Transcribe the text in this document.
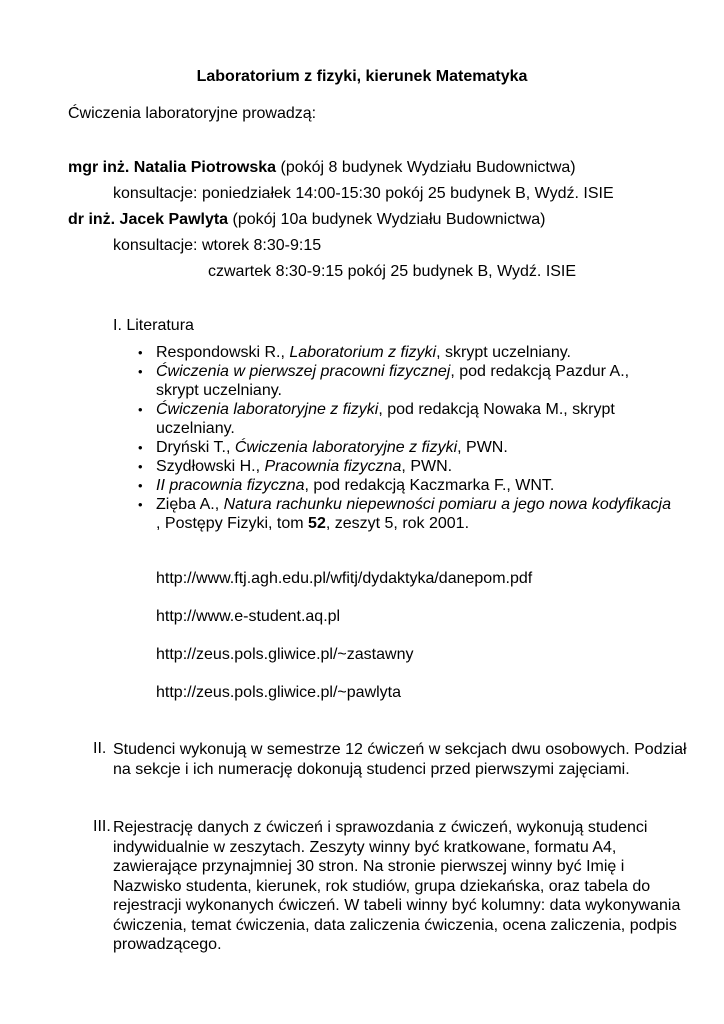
Laboratorium z fizyki, kierunek Matematyka
Ćwiczenia laboratoryjne prowadzą:
mgr inż. Natalia Piotrowska (pokój 8 budynek Wydziału Budownictwa)
konsultacje: poniedziałek 14:00-15:30 pokój 25 budynek B, Wydź. ISIE
dr inż. Jacek Pawlyta (pokój 10a budynek Wydziału Budownictwa)
konsultacje: wtorek 8:30-9:15
czwartek 8:30-9:15 pokój 25 budynek B, Wydź. ISIE
I. Literatura
• Respondowski R., Laboratorium z fizyki, skrypt uczelniany.
• Ćwiczenia w pierwszej pracowni fizycznej, pod redakcją Pazdur A., skrypt uczelniany.
• Ćwiczenia laboratoryjne z fizyki, pod redakcją Nowaka M., skrypt uczelniany.
• Dryński T., Ćwiczenia laboratoryjne z fizyki, PWN.
• Szydłowski H., Pracownia fizyczna, PWN.
• II pracownia fizyczna, pod redakcją Kaczmarka F., WNT.
• Zięba A., Natura rachunku niepewności pomiaru a jego nowa kodyfikacja , Postępy Fizyki, tom 52, zeszyt 5, rok 2001.
http://www.ftj.agh.edu.pl/wfitj/dydaktyka/danepom.pdf
http://www.e-student.aq.pl
http://zeus.pols.gliwice.pl/~zastawny
http://zeus.pols.gliwice.pl/~pawlyta
II. Studenci wykonują w semestrze 12 ćwiczeń w sekcjach dwu osobowych. Podział na sekcje i ich numerację dokonują studenci przed pierwszymi zajęciami.
III. Rejestrację danych z ćwiczeń i sprawozdania z ćwiczeń, wykonują studenci indywidualnie w zeszytach. Zeszyty winny być kratkowane, formatu A4, zawierające przynajmniej 30 stron. Na stronie pierwszej winny być Imię i Nazwisko studenta, kierunek, rok studiów, grupa dziekańska, oraz tabela do rejestracji wykonanych ćwiczeń. W tabeli winny być kolumny: data wykonywania ćwiczenia, temat ćwiczenia, data zaliczenia ćwiczenia, ocena zaliczenia, podpis prowadzącego.
